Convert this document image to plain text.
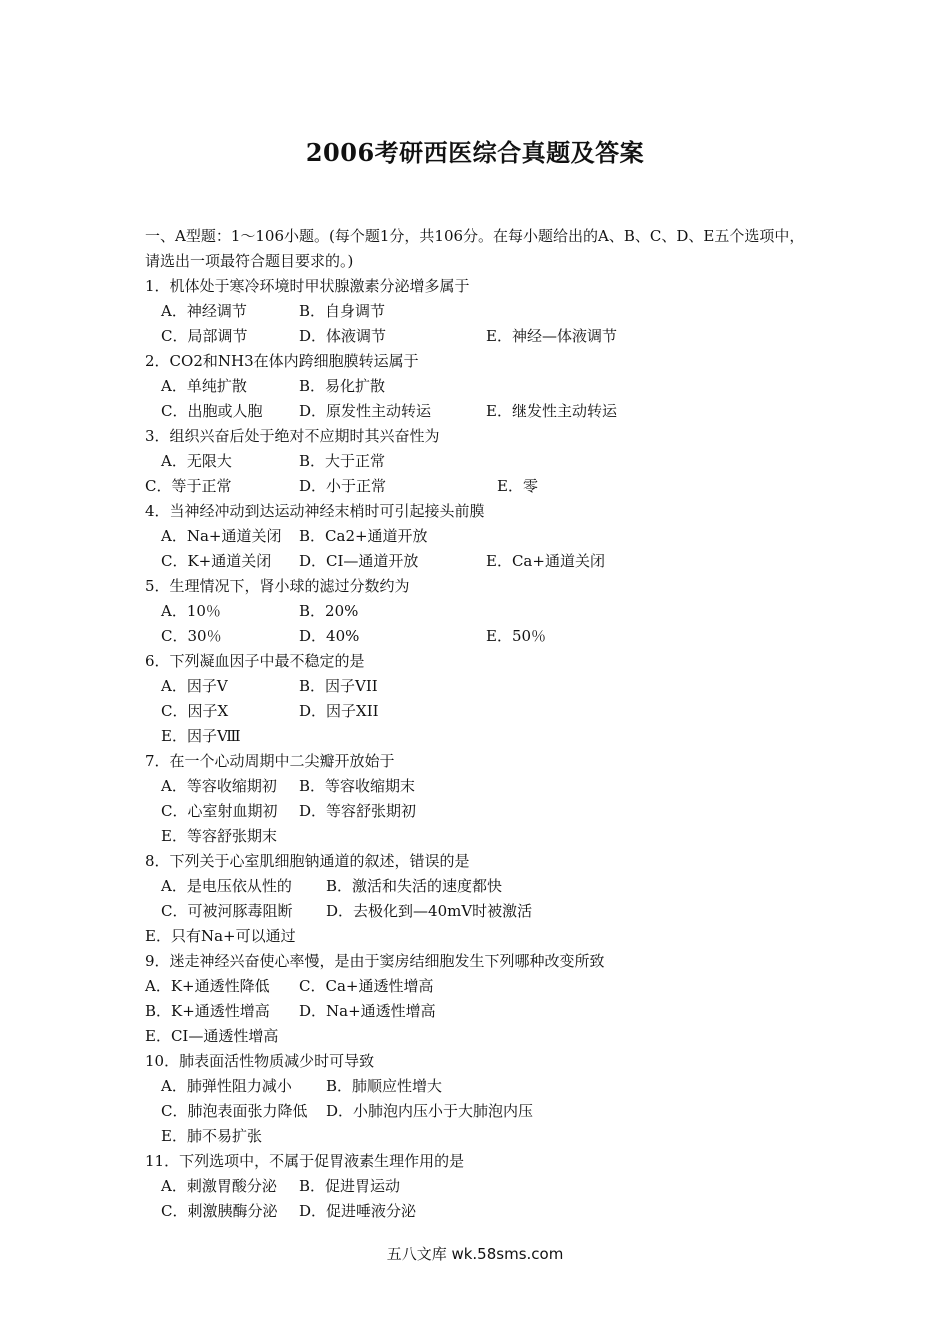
2006考研西医综合真题及答案
一、A型题：1～106小题。(每个题1分，共106分。在每小题给出的A、B、C、D、E五个选项中，
请选出一项最符合题目要求的。)
1．机体处于寒冷环境时甲状腺激素分泌增多属于
A．神经调节	B．自身调节
C．局部调节	D．体液调节	E．神经—体液调节
2．CO2和NH3在体内跨细胞膜转运属于
A．单纯扩散	B．易化扩散
C．出胞或人胞 D．原发性主动转运	E．继发性主动转运
3．组织兴奋后处于绝对不应期时其兴奋性为
A．无限大	B．大于正常
C．等于正常	D．小于正常	E．零
4．当神经冲动到达运动神经末梢时可引起接头前膜
A．Na+通道关闭 B．Ca2+通道开放
C．K+通道关闭 D．CI—通道开放	E．Ca+通道关闭
5．生理情况下，肾小球的滤过分数约为
A．10％	B．20%
C．30％	D．40%	E．50％
6．下列凝血因子中最不稳定的是
A．因子V	B．因子VII
C．因子X	D．因子XII
E．因子Ⅷ
7．在一个心动周期中二尖瓣开放始于
A．等容收缩期初 B．等容收缩期末
C．心室射血期初 D．等容舒张期初
E．等容舒张期末
8．下列关于心室肌细胞钠通道的叙述，错误的是
A．是电压依从性的 B．激活和失活的速度都快
C．可被河豚毒阻断 D．去极化到—40mV时被激活
E．只有Na+可以通过
9．迷走神经兴奋使心率慢，是由于窦房结细胞发生下列哪种改变所致
A．K+通透性降低 C．Ca+通透性增高
B．K+通透性增高 D．Na+通透性增高
E．CI—通透性增高
10．肺表面活性物质减少时可导致
A．肺弹性阻力减小 B．肺顺应性增大
C．肺泡表面张力降低 D．小肺泡内压小于大肺泡内压
E．肺不易扩张
11．下列选项中，不属于促胃液素生理作用的是
A．刺激胃酸分泌 B．促进胃运动
C．刺激胰酶分泌 D．促进唾液分泌
五八文库 wk.58sms.com
